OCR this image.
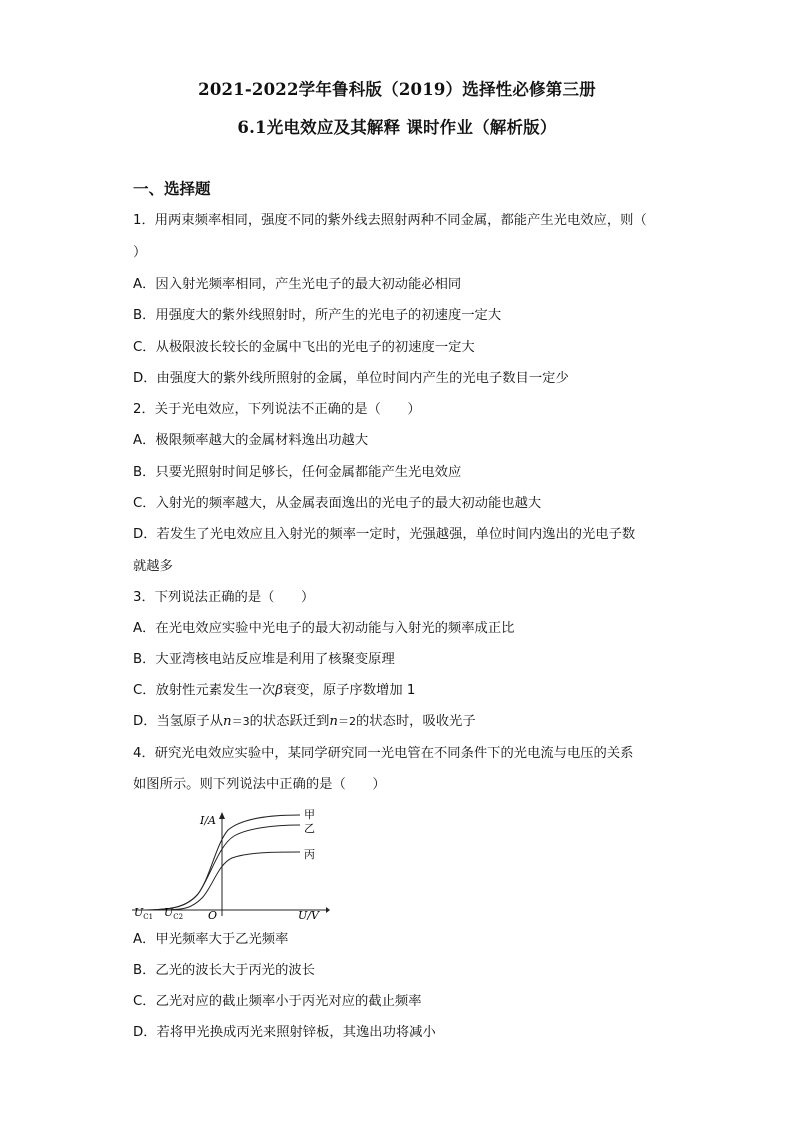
2021-2022学年鲁科版（2019）选择性必修第三册
6.1光电效应及其解释 课时作业（解析版）
一、选择题
1．用两束频率相同，强度不同的紫外线去照射两种不同金属，都能产生光电效应，则（
）
A．因入射光频率相同，产生光电子的最大初动能必相同
B．用强度大的紫外线照射时，所产生的光电子的初速度一定大
C．从极限波长较长的金属中飞出的光电子的初速度一定大
D．由强度大的紫外线所照射的金属，单位时间内产生的光电子数目一定少
2．关于光电效应，下列说法不正确的是（　　）
A．极限频率越大的金属材料逸出功越大
B．只要光照射时间足够长，任何金属都能产生光电效应
C．入射光的频率越大，从金属表面逸出的光电子的最大初动能也越大
D．若发生了光电效应且入射光的频率一定时，光强越强，单位时间内逸出的光电子数
就越多
3．下列说法正确的是（　　）
A．在光电效应实验中光电子的最大初动能与入射光的频率成正比
B．大亚湾核电站反应堆是利用了核聚变原理
C．放射性元素发生一次β衰变，原子序数增加 1
D．当氢原子从n＝3的状态跃迁到n＝2的状态时，吸收光子
4．研究光电效应实验中，某同学研究同一光电管在不同条件下的光电流与电压的关系
如图所示。则下列说法中正确的是（　　）
I/A
U/V
O
$U_{C1}$ $U_{C2}$
甲
乙
丙
A．甲光频率大于乙光频率
B．乙光的波长大于丙光的波长
C．乙光对应的截止频率小于丙光对应的截止频率
D．若将甲光换成丙光来照射锌板，其逸出功将减小
